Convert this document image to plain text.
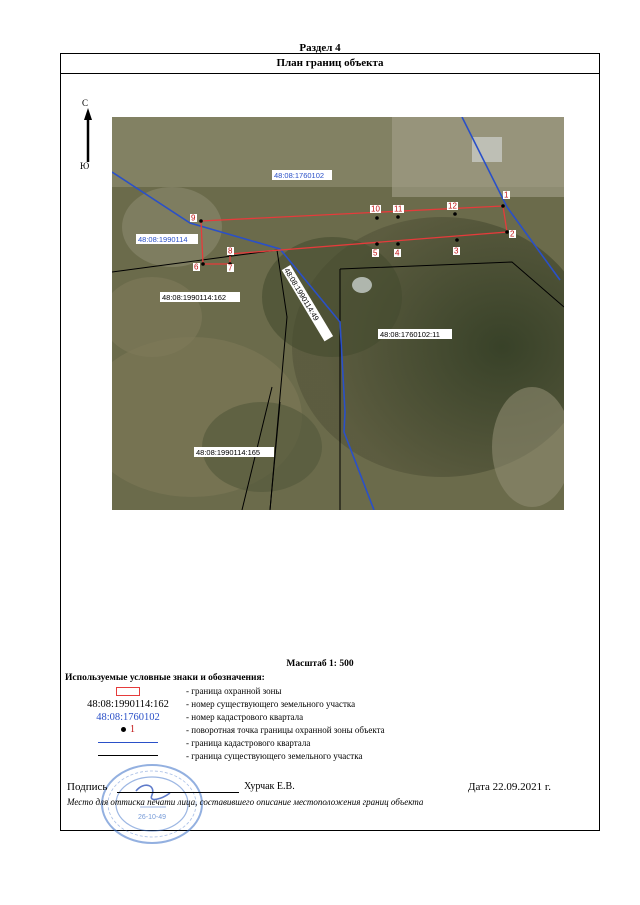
Раздел 4
План границ объекта
С
Ю
1
2
3
4
5
6	7
8
9
10 11	12
48:08:1760102
48:08:1990114
48:08:1990114:162	48:08:1990114:49
48:08:1760102:11
48:08:1990114:165
Масштаб 1: 500
Используемые условные знаки и обозначения:
- граница охранной зоны
48:08:1990114:162	- номер существующего земельного участка
48:08:1760102	- номер кадастрового квартала
1	- поворотная точка границы охранной зоны объекта
- граница кадастрового квартала
- граница существующего земельного участка
26-10-49
Подпись	Хурчак Е.В.	Дата 22.09.2021 г.
Место для оттиска печати лица, составившего описание местоположения границ объекта
